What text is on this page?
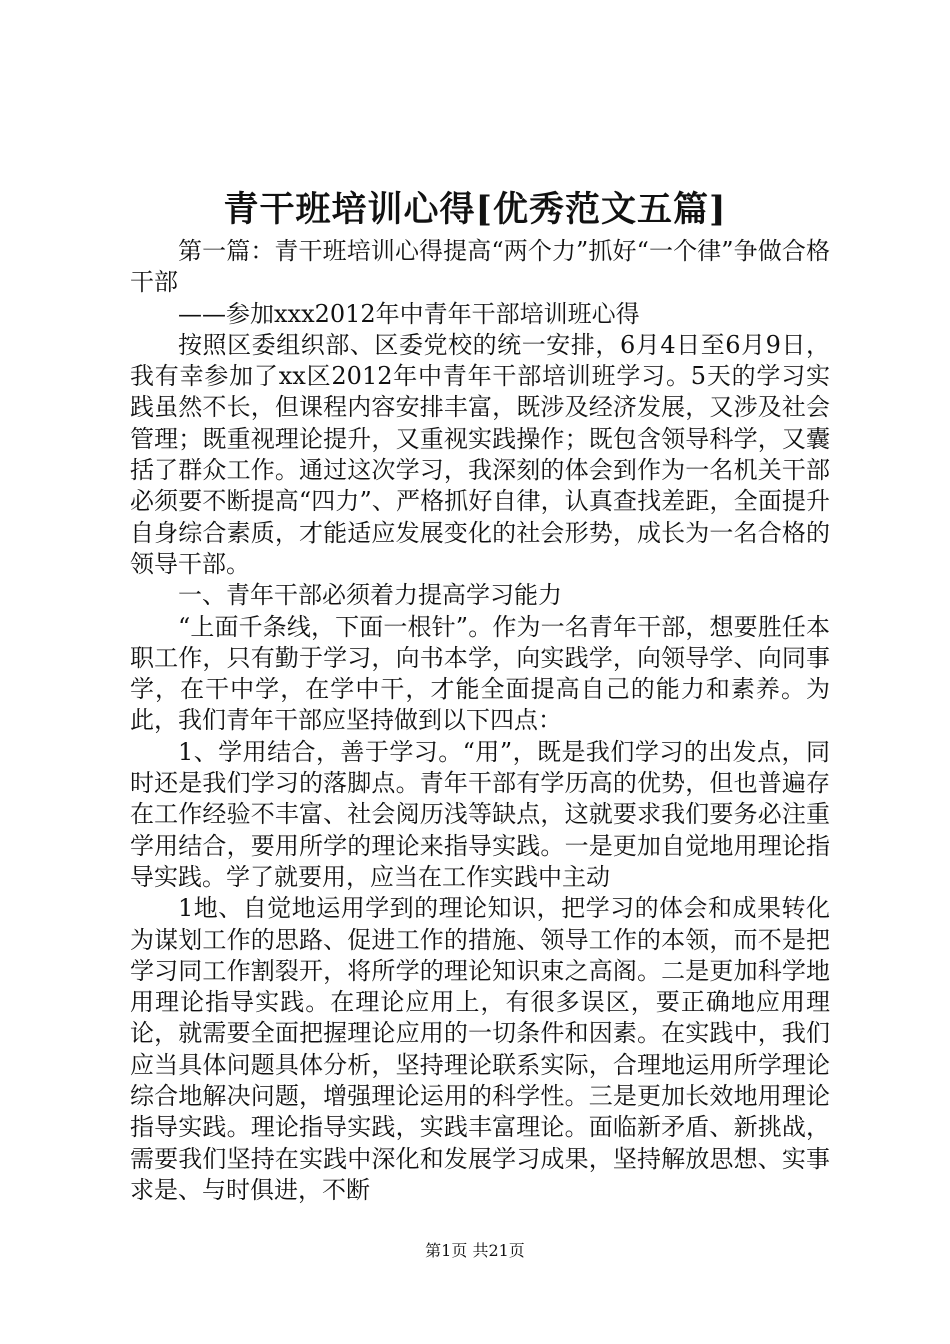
青干班培训心得[优秀范文五篇]

第一篇：青干班培训心得提高“两个力”抓好“一个律”争做合格干部

——参加xxx2012年中青年干部培训班心得

按照区委组织部、区委党校的统一安排，6月4日至6月9日，我有幸参加了xx区2012年中青年干部培训班学习。5天的学习实践虽然不长，但课程内容安排丰富，既涉及经济发展，又涉及社会管理；既重视理论提升，又重视实践操作；既包含领导科学，又囊括了群众工作。通过这次学习，我深刻的体会到作为一名机关干部必须要不断提高“四力”、严格抓好自律，认真查找差距，全面提升自身综合素质，才能适应发展变化的社会形势，成长为一名合格的领导干部。

一、青年干部必须着力提高学习能力

“上面千条线，下面一根针”。作为一名青年干部，想要胜任本职工作，只有勤于学习，向书本学，向实践学，向领导学、向同事学，在干中学，在学中干，才能全面提高自己的能力和素养。为此，我们青年干部应坚持做到以下四点：

1、学用结合，善于学习。“用”，既是我们学习的出发点，同时还是我们学习的落脚点。青年干部有学历高的优势，但也普遍存在工作经验不丰富、社会阅历浅等缺点，这就要求我们要务必注重学用结合，要用所学的理论来指导实践。一是更加自觉地用理论指导实践。学了就要用，应当在工作实践中主动

1地、自觉地运用学到的理论知识，把学习的体会和成果转化为谋划工作的思路、促进工作的措施、领导工作的本领，而不是把学习同工作割裂开，将所学的理论知识束之高阁。二是更加科学地用理论指导实践。在理论应用上，有很多误区，要正确地应用理论，就需要全面把握理论应用的一切条件和因素。在实践中，我们应当具体问题具体分析，坚持理论联系实际，合理地运用所学理论综合地解决问题，增强理论运用的科学性。三是更加长效地用理论指导实践。理论指导实践，实践丰富理论。面临新矛盾、新挑战，需要我们坚持在实践中深化和发展学习成果，坚持解放思想、实事求是、与时俱进，不断

第1页 共21页
